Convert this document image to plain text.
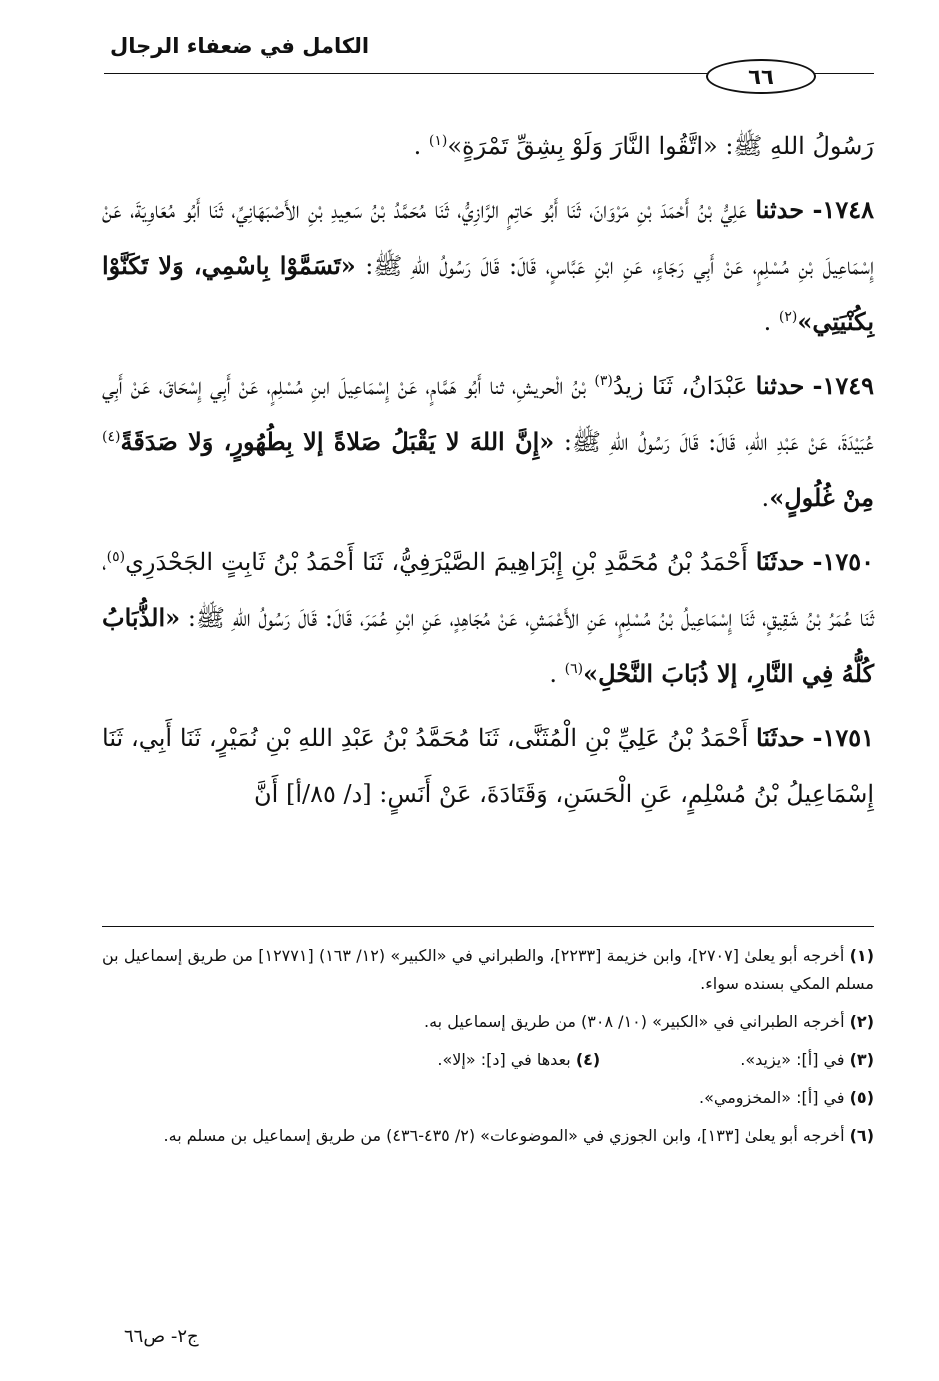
الكامل في ضعفاء الرجال
٦٦

رَسُولُ اللهِ ﷺ: «اتَّقُوا النَّارَ وَلَوْ بِشِقِّ تَمْرَةٍ»$^{(١)}$ .

١٧٤٨- حدثنا عَلِيُّ بْنُ أَحْمَدَ بْنِ مَرْوَانَ، ثَنَا أَبُو حَاتِمٍ الرَّازِيُّ، ثَنَا مُحَمَّدُ بْنُ سَعِيدِ بْنِ الأَصْبَهَانِيِّ، ثَنَا أَبُو مُعَاوِيَةَ، عَنْ إِسْمَاعِيلَ بْنِ مُسْلِمٍ، عَنْ أَبِي رَجَاءٍ، عَنِ ابْنِ عَبَّاسٍ، قَالَ: قَالَ رَسُولُ اللهِ ﷺ: «تَسَمَّوْا بِاسْمِي، وَلا تَكَنَّوْا بِكُنْيَتِي»$^{(٢)}$ .

١٧٤٩- حدثنا عَبْدَانُ، ثَنَا زيدُ$^{(٣)}$ بْنُ الْحريشِ، ثنا أَبُو هَمَّامٍ، عَنْ إِسْمَاعِيلَ ابنِ مُسْلِمٍ، عَنْ أَبِي إِسْحَاقَ، عَنْ أَبِي عُبَيْدَةَ، عَنْ عَبْدِ اللهِ، قَالَ: قَالَ رَسُولُ اللهِ ﷺ: «إِنَّ اللهَ لا يَقْبَلُ صَلاةً إلا بِطُهُورٍ، وَلا صَدَقَةً$^{(٤)}$ مِنْ غُلُولٍ».

١٧٥٠- حدثَنَا أَحْمَدُ بْنُ مُحَمَّدِ بْنِ إِبْرَاهِيمَ الصَّيْرَفِيُّ، ثَنَا أَحْمَدُ بْنُ ثَابِتٍ الجَحْدَرِي$^{(٥)}$، ثَنَا عُمَرُ بْنُ شَقِيقٍ، ثَنَا إِسْمَاعِيلُ بْنُ مُسْلِمٍ، عَنِ الأَعْمَشِ، عَنْ مُجَاهِدٍ، عَنِ ابْنِ عُمَرَ، قَالَ: قَالَ رَسُولُ اللهِ ﷺ: «الذُّبَابُ كُلُّهُ فِي النَّارِ، إلا ذُبَابَ النَّحْلِ»$^{(٦)}$ .

١٧٥١- حدثَنَا أَحْمَدُ بْنُ عَلِيِّ بْنِ الْمُثَنَّى، ثَنَا مُحَمَّدُ بْنُ عَبْدِ اللهِ بْنِ نُمَيْرٍ، ثَنَا أَبِي، ثَنَا إِسْمَاعِيلُ بْنُ مُسْلِمٍ، عَنِ الْحَسَنِ، وَقَتَادَةَ، عَنْ أَنَسٍ: [د/ ٨٥/أ] أَنَّ

(١) أخرجه أبو يعلىٰ [٢٧٠٧]، وابن خزيمة [٢٢٣٣]، والطبراني في «الكبير» (١٢/ ١٦٣) [١٢٧٧١] من طريق إسماعيل بن مسلم المكي بسنده سواء.

(٢) أخرجه الطبراني في «الكبير» (١٠/ ٣٠٨) من طريق إسماعيل به.

(٣) في [أ]: «يزيد».
(٤) بعدها في [د]: «إلا».

(٥) في [أ]: «المخزومي».

(٦) أخرجه أبو يعلىٰ [١٣٣]، وابن الجوزي في «الموضوعات» (٢/ ٤٣٥-٤٣٦) من طريق إسماعيل بن مسلم به.

ج٢- ص٦٦
